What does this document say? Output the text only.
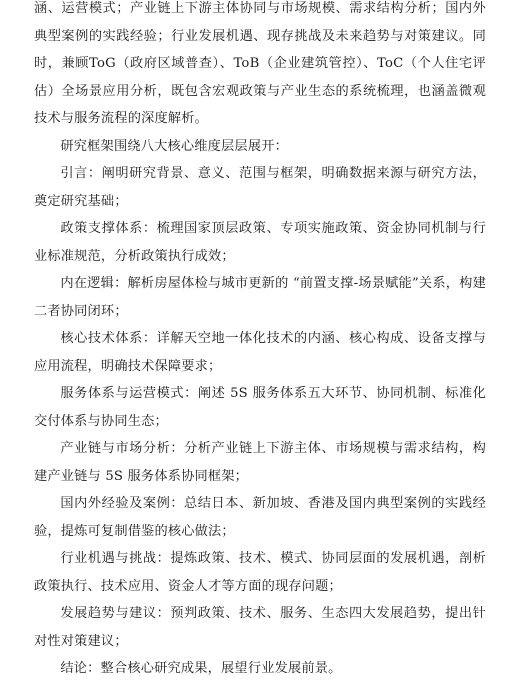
涵、运营模式；产业链上下游主体协同与市场规模、需求结构分析；国内外典型案例的实践经验；行业发展机遇、现存挑战及未来趋势与对策建议。同时，兼顾ToG（政府区域普查）、ToB（企业建筑管控）、ToC（个人住宅评估）全场景应用分析，既包含宏观政策与产业生态的系统梳理，也涵盖微观技术与服务流程的深度解析。

研究框架围绕八大核心维度层层展开：

引言：阐明研究背景、意义、范围与框架，明确数据来源与研究方法，奠定研究基础；

政策支撑体系：梳理国家顶层政策、专项实施政策、资金协同机制与行业标准规范，分析政策执行成效；

内在逻辑：解析房屋体检与城市更新的 “前置支撑-场景赋能”关系，构建二者协同闭环；

核心技术体系：详解天空地一体化技术的内涵、核心构成、设备支撑与应用流程，明确技术保障要求；

服务体系与运营模式：阐述 5S 服务体系五大环节、协同机制、标准化交付体系与协同生态；

产业链与市场分析：分析产业链上下游主体、市场规模与需求结构，构建产业链与 5S 服务体系协同框架；

国内外经验及案例：总结日本、新加坡、香港及国内典型案例的实践经验，提炼可复制借鉴的核心做法；

行业机遇与挑战：提炼政策、技术、模式、协同层面的发展机遇，剖析政策执行、技术应用、资金人才等方面的现存问题；

发展趋势与建议：预判政策、技术、服务、生态四大发展趋势，提出针对性对策建议；

结论：整合核心研究成果，展望行业发展前景。
